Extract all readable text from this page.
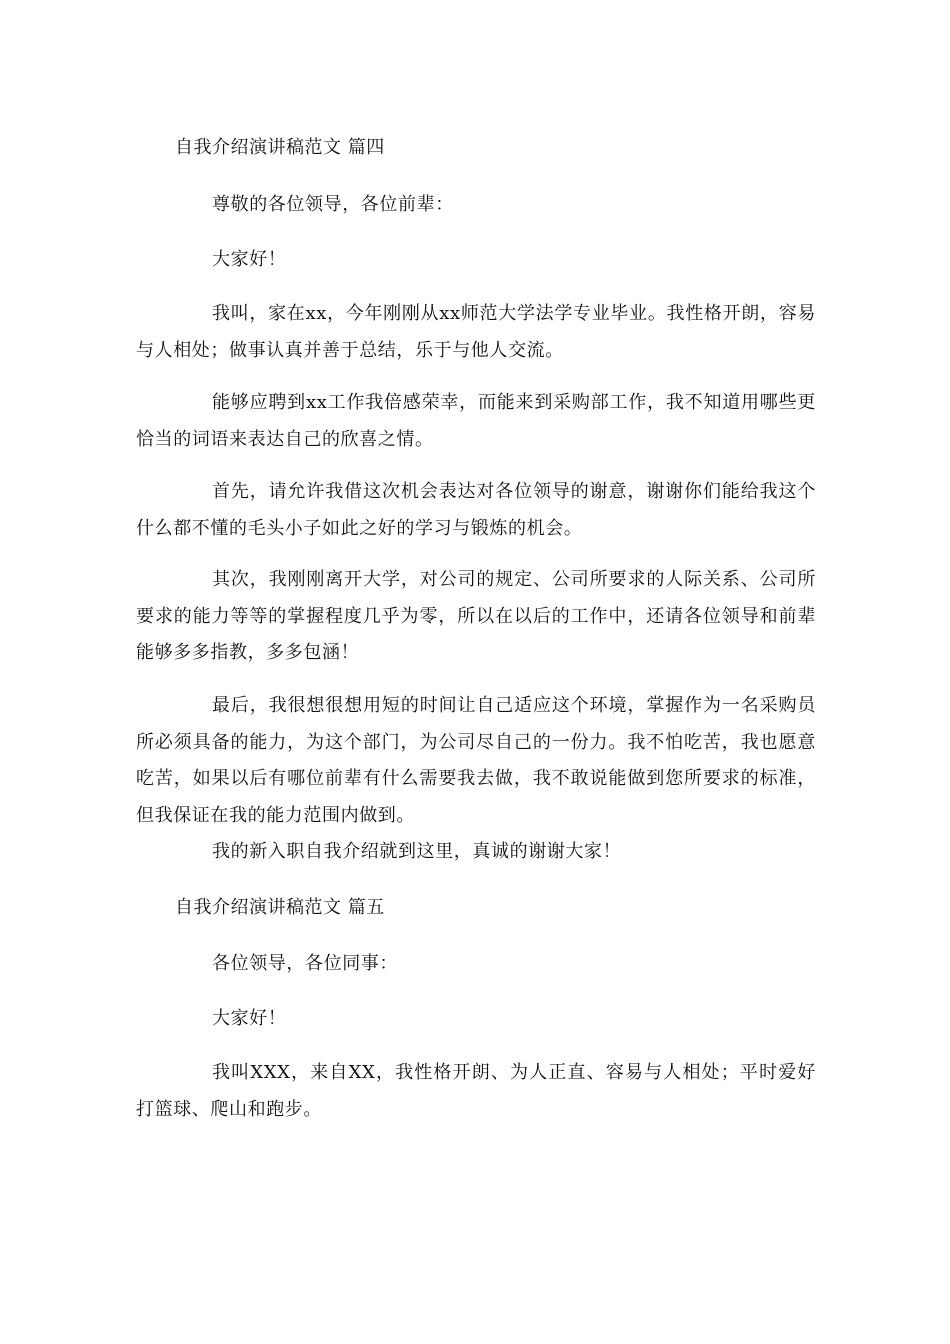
自我介绍演讲稿范文 篇四

尊敬的各位领导，各位前辈：

大家好！

我叫，家在xx，今年刚刚从xx师范大学法学专业毕业。我性格开朗，容易与人相处；做事认真并善于总结，乐于与他人交流。

能够应聘到xx工作我倍感荣幸，而能来到采购部工作，我不知道用哪些更恰当的词语来表达自己的欣喜之情。

首先，请允许我借这次机会表达对各位领导的谢意，谢谢你们能给我这个什么都不懂的毛头小子如此之好的学习与锻炼的机会。

其次，我刚刚离开大学，对公司的规定、公司所要求的人际关系、公司所要求的能力等等的掌握程度几乎为零，所以在以后的工作中，还请各位领导和前辈能够多多指教，多多包涵！

最后，我很想很想用短的时间让自己适应这个环境，掌握作为一名采购员所必须具备的能力，为这个部门，为公司尽自己的一份力。我不怕吃苦，我也愿意吃苦，如果以后有哪位前辈有什么需要我去做，我不敢说能做到您所要求的标准，但我保证在我的能力范围内做到。

我的新入职自我介绍就到这里，真诚的谢谢大家！

自我介绍演讲稿范文 篇五

各位领导，各位同事：

大家好！

我叫XXX，来自XX，我性格开朗、为人正直、容易与人相处；平时爱好打篮球、爬山和跑步。
